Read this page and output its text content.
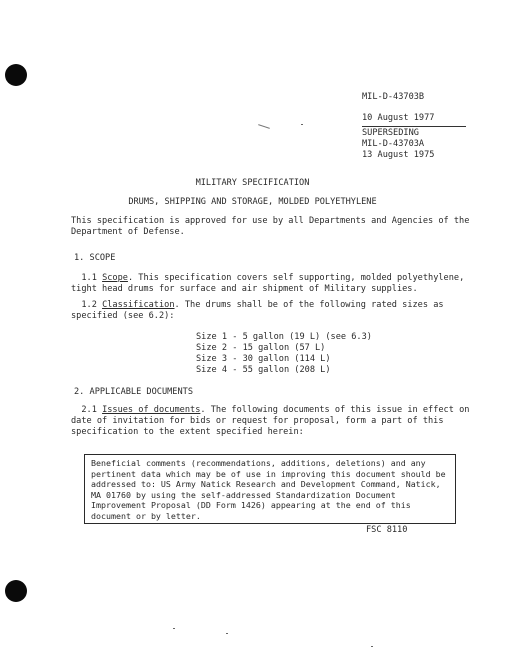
MIL-D-43703B
10 August 1977
SUPERSEDING
MIL-D-43703A
13 August 1975
MILITARY SPECIFICATION
DRUMS, SHIPPING AND STORAGE, MOLDED POLYETHYLENE
This specification is approved for use by all Departments and Agencies of the Department of Defense.
1. SCOPE
1.1 Scope. This specification covers self supporting, molded polyethylene, tight head drums for surface and air shipment of Military supplies.
1.2 Classification. The drums shall be of the following rated sizes as specified (see 6.2):
Size 1 - 5 gallon (19 L) (see 6.3)
Size 2 - 15 gallon (57 L)
Size 3 - 30 gallon (114 L)
Size 4 - 55 gallon (208 L)
2. APPLICABLE DOCUMENTS
2.1 Issues of documents. The following documents of this issue in effect on date of invitation for bids or request for proposal, form a part of this specification to the extent specified herein:
Beneficial comments (recommendations, additions, deletions) and any pertinent data which may be of use in improving this document should be addressed to: US Army Natick Research and Development Command, Natick, MA 01760 by using the self-addressed Standardization Document Improvement Proposal (DD Form 1426) appearing at the end of this document or by letter.
FSC 8110
